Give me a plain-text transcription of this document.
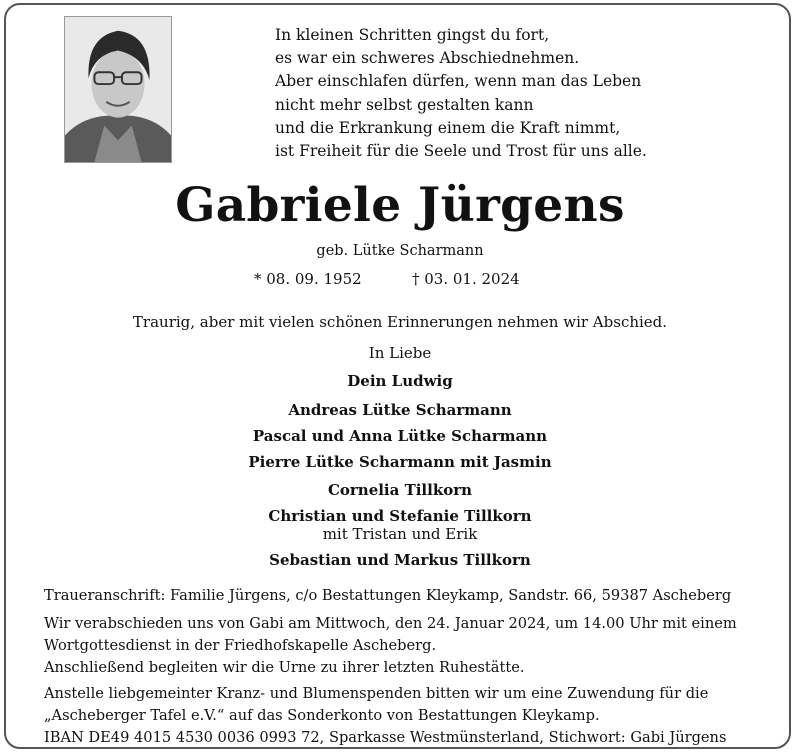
In kleinen Schritten gingst du fort,
es war ein schweres Abschiednehmen.
Aber einschlafen dürfen, wenn man das Leben
nicht mehr selbst gestalten kann
und die Erkrankung einem die Kraft nimmt,
ist Freiheit für die Seele und Trost für uns alle.
Gabriele Jürgens
geb. Lütke Scharmann
* 08. 09. 1952	† 03. 01. 2024
Traurig, aber mit vielen schönen Erinnerungen nehmen wir Abschied.
In Liebe
Dein Ludwig
Andreas Lütke Scharmann
Pascal und Anna Lütke Scharmann
Pierre Lütke Scharmann mit Jasmin
Cornelia Tillkorn
Christian und Stefanie Tillkorn
mit Tristan und Erik
Sebastian und Markus Tillkorn
Traueranschrift: Familie Jürgens, c/o Bestattungen Kleykamp, Sandstr. 66, 59387 Ascheberg
Wir verabschieden uns von Gabi am Mittwoch, den 24. Januar 2024, um 14.00 Uhr mit einem
Wortgottesdienst in der Friedhofskapelle Ascheberg.
Anschließend begleiten wir die Urne zu ihrer letzten Ruhestätte.
Anstelle liebgemeinter Kranz- und Blumenspenden bitten wir um eine Zuwendung für die
„Ascheberger Tafel e.V.“ auf das Sonderkonto von Bestattungen Kleykamp.
IBAN DE49 4015 4530 0036 0993 72, Sparkasse Westmünsterland, Stichwort: Gabi Jürgens
